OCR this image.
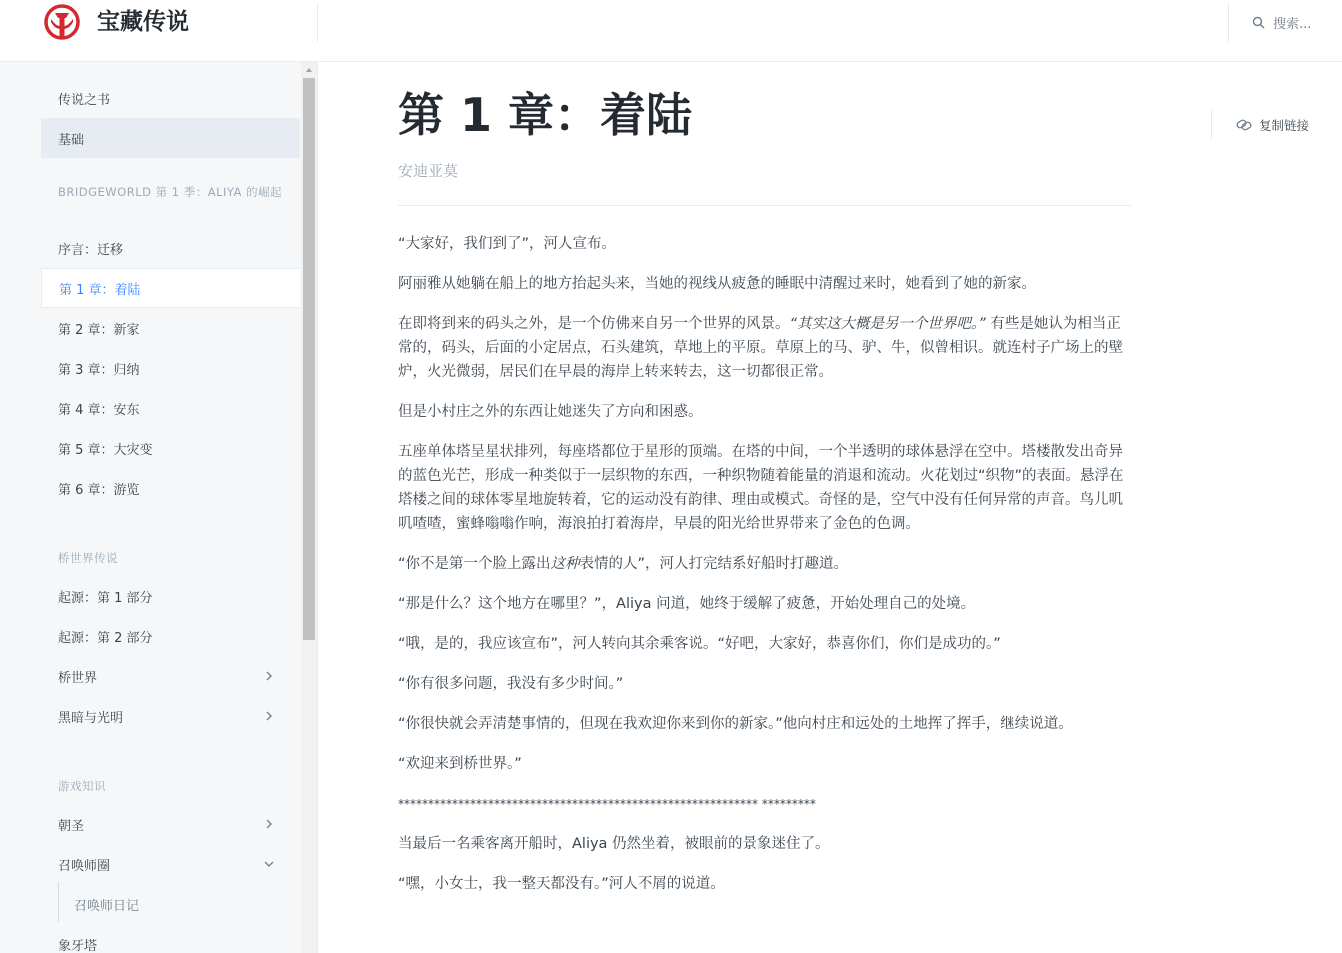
宝藏传说	搜索...
传说之书
基础
BRIDGEWORLD 第 1 季：ALIYA 的崛起
序言：迁移
第 1 章：着陆
第 2 章：新家
第 3 章：归纳
第 4 章：安东
第 5 章：大灾变
第 6 章：游览
桥世界传说
起源：第 1 部分
起源：第 2 部分
桥世界
黑暗与光明
游戏知识
朝圣
召唤师圈
召唤师日记
象牙塔
第 1 章：着陆
安迪亚莫
复制链接

“大家好，我们到了”，河人宣布。

阿丽雅从她躺在船上的地方抬起头来，当她的视线从疲惫的睡眠中清醒过来时，她看到了她的新家。

在即将到来的码头之外，是一个仿佛来自另一个世界的风景。“其实这大概是另一个世界吧。” 有些是她认为相当正常的，码头，后面的小定居点，石头建筑，草地上的平原。草原上的马、驴、牛，似曾相识。就连村子广场上的壁炉，火光微弱，居民们在早晨的海岸上转来转去，这一切都很正常。

但是小村庄之外的东西让她迷失了方向和困惑。

五座单体塔呈星状排列，每座塔都位于星形的顶端。在塔的中间，一个半透明的球体悬浮在空中。塔楼散发出奇异的蓝色光芒，形成一种类似于一层织物的东西，一种织物随着能量的消退和流动。火花划过“织物”的表面。悬浮在塔楼之间的球体零星地旋转着，它的运动没有韵律、理由或模式。奇怪的是，空气中没有任何异常的声音。鸟儿叽叽喳喳，蜜蜂嗡嗡作响，海浪拍打着海岸，早晨的阳光给世界带来了金色的色调。

“你不是第一个脸上露出这种表情的人”，河人打完结系好船时打趣道。

“那是什么？这个地方在哪里？”，Aliya 问道，她终于缓解了疲惫，开始处理自己的处境。

“哦，是的，我应该宣布”，河人转向其余乘客说。“好吧，大家好，恭喜你们，你们是成功的。”

“你有很多问题，我没有多少时间。”

“你很快就会弄清楚事情的，但现在我欢迎你来到你的新家。”他向村庄和远处的土地挥了挥手，继续说道。

“欢迎来到桥世界。”

************************************************************ *********

当最后一名乘客离开船时，Aliya 仍然坐着，被眼前的景象迷住了。

“嘿，小女士，我一整天都没有。”河人不屑的说道。
